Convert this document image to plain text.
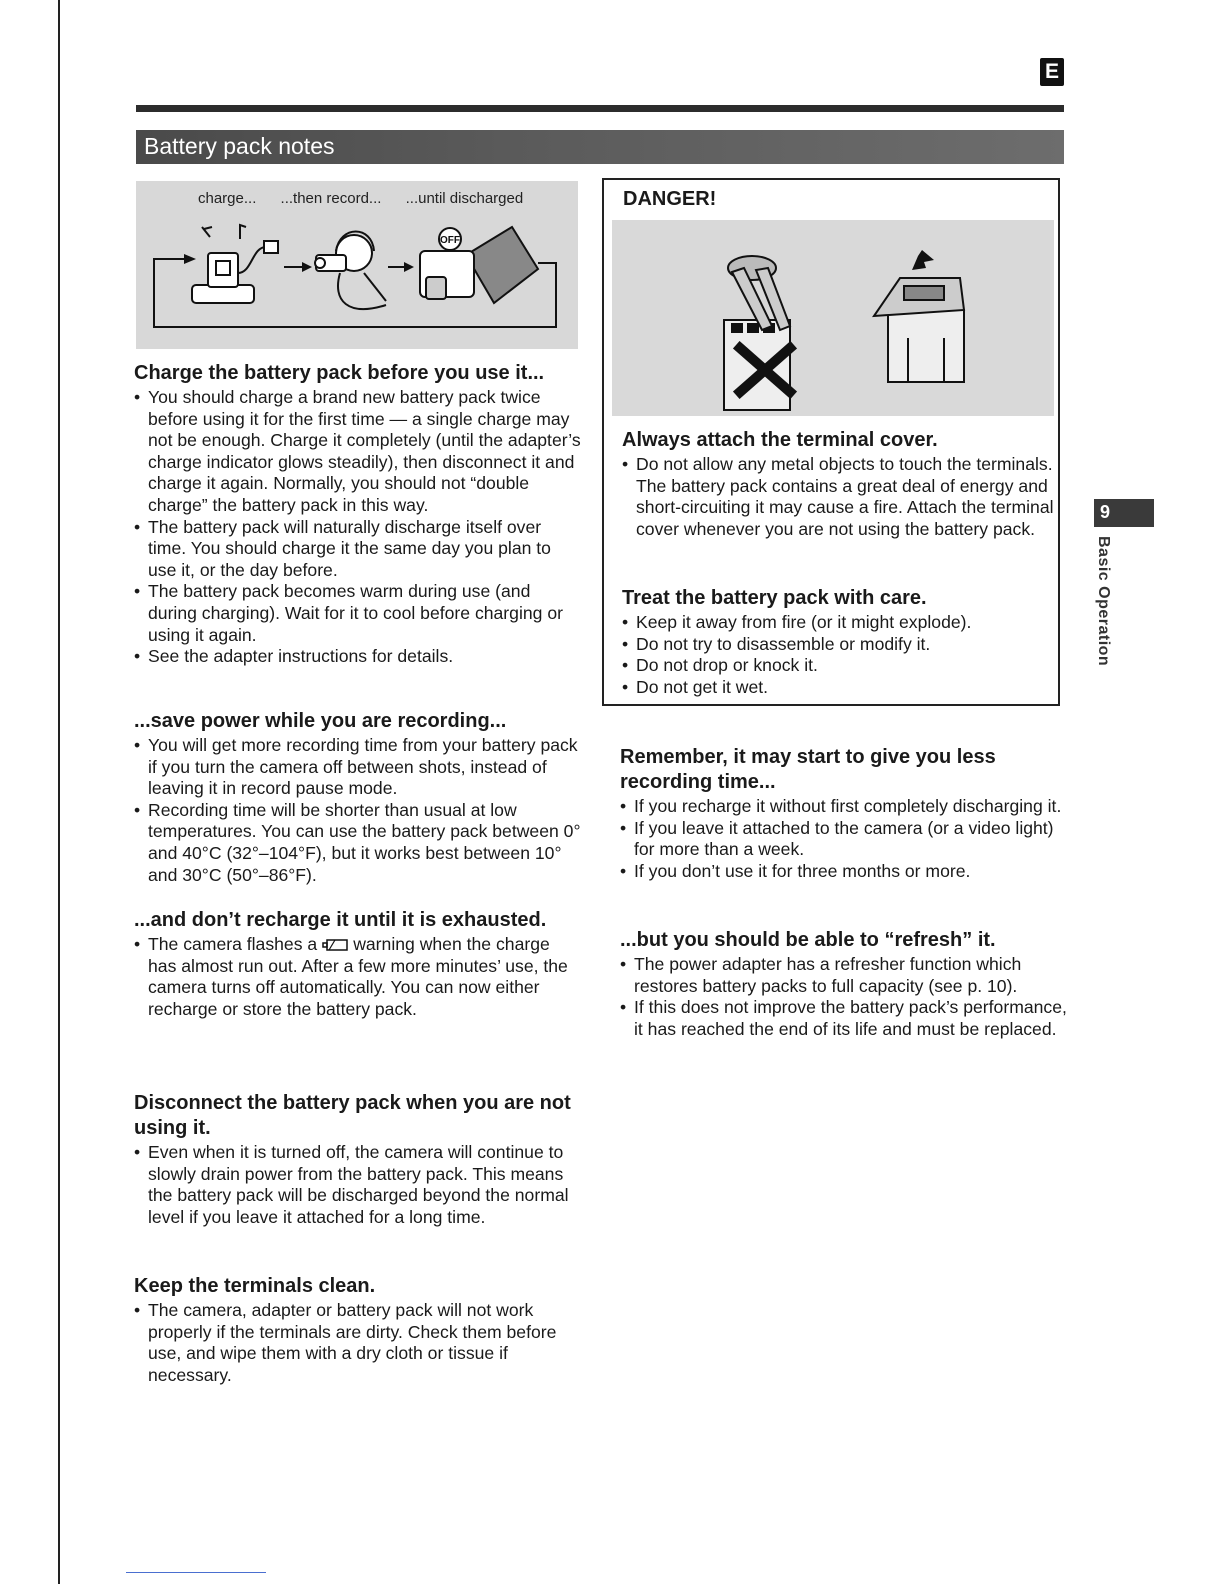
E
Battery pack notes
9
Basic Operation
charge... ...then record... ...until discharged
OFF
Charge the battery pack before you use it...
• You should charge a brand new battery pack twice before using it for the first time — a single charge may not be enough. Charge it completely (until the adapter’s charge indicator glows steadily), then disconnect it and charge it again. Normally, you should not “double charge” the battery pack in this way.
• The battery pack will naturally discharge itself over time. You should charge it the same day you plan to use it, or the day before.
• The battery pack becomes warm during use (and during charging). Wait for it to cool before charging or using it again.
• See the adapter instructions for details.
...save power while you are recording...
• You will get more recording time from your battery pack if you turn the camera off between shots, instead of leaving it in record pause mode.
• Recording time will be shorter than usual at low temperatures. You can use the battery pack between 0° and 40°C (32°–104°F), but it works best between 10° and 30°C (50°–86°F).
...and don’t recharge it until it is exhausted.
• The camera flashes a warning when the charge has almost run out. After a few more minutes’ use, the camera turns off automatically. You can now either recharge or store the battery pack.
Disconnect the battery pack when you are not using it.
• Even when it is turned off, the camera will continue to slowly drain power from the battery pack. This means the battery pack will be discharged beyond the normal level if you leave it attached for a long time.
Keep the terminals clean.
• The camera, adapter or battery pack will not work properly if the terminals are dirty. Check them before use, and wipe them with a dry cloth or tissue if necessary.
DANGER!
Always attach the terminal cover.
• Do not allow any metal objects to touch the terminals. The battery pack contains a great deal of energy and short-circuiting it may cause a fire. Attach the terminal cover whenever you are not using the battery pack.
Treat the battery pack with care.
• Keep it away from fire (or it might explode).
• Do not try to disassemble or modify it.
• Do not drop or knock it.
• Do not get it wet.
Remember, it may start to give you less recording time...
• If you recharge it without first completely discharging it.
• If you leave it attached to the camera (or a video light) for more than a week.
• If you don’t use it for three months or more.
...but you should be able to “refresh” it.
• The power adapter has a refresher function which restores battery packs to full capacity (see p. 10).
• If this does not improve the battery pack’s performance, it has reached the end of its life and must be replaced.
